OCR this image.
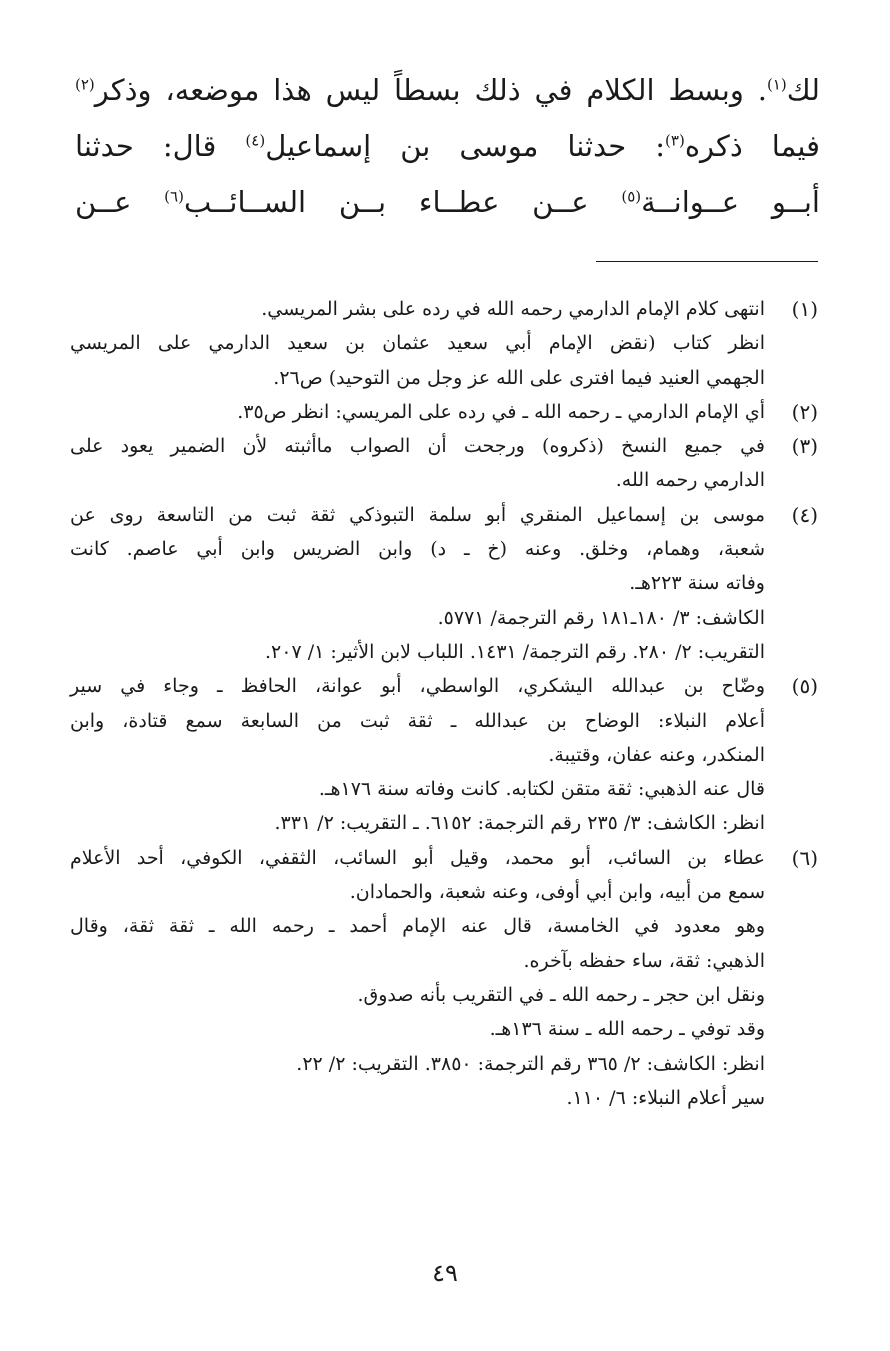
لك$^{(١)}$. وبسط الكلام في ذلك بسطاً ليس هذا موضعه، وذكر$^{(٢)}$
فيما ذكره$^{(٣)}$: حدثنا موسى بن إسماعيل$^{(٤)}$ قال: حدثنا
أبــو عــوانــة$^{(٥)}$ عــن عطــاء بــن الســائــب$^{(٦)}$ عــن
(١)
انتهى كلام الإمام الدارمي رحمه الله في رده على بشر المريسي.
انظر كتاب (نقض الإمام أبي سعيد عثمان بن سعيد الدارمي على المريسي
الجهمي العنيد فيما افترى على الله عز وجل من التوحيد) ص٢٦.
(٢)
أي الإمام الدارمي ـ رحمه الله ـ في رده على المريسي: انظر ص٣٥.
(٣)
في جميع النسخ (ذكروه) ورجحت أن الصواب ماأثبته لأن الضمير يعود على
الدارمي رحمه الله.
(٤)
موسى بن إسماعيل المنقري أبو سلمة التبوذكي ثقة ثبت من التاسعة روى عن
شعبة، وهمام، وخلق. وعنه (خ ـ د) وابن الضريس وابن أبي عاصم. كانت
وفاته سنة ٢٢٣هـ.
الكاشف: ٣/ ١٨٠ـ١٨١ رقم الترجمة/ ٥٧٧١.
التقريب: ٢/ ٢٨٠. رقم الترجمة/ ١٤٣١. اللباب لابن الأثير: ١/ ٢٠٧.
(٥)
وضّاح بن عبدالله اليشكري، الواسطي، أبو عوانة، الحافظ ـ وجاء في سير
أعلام النبلاء: الوضاح بن عبدالله ـ ثقة ثبت من السابعة سمع قتادة، وابن
المنكدر، وعنه عفان، وقتيبة.
قال عنه الذهبي: ثقة متقن لكتابه. كانت وفاته سنة ١٧٦هـ.
انظر: الكاشف: ٣/ ٢٣٥ رقم الترجمة: ٦١٥٢. ـ التقريب: ٢/ ٣٣١.
(٦)
عطاء بن السائب، أبو محمد، وقيل أبو السائب، الثقفي، الكوفي، أحد الأعلام
سمع من أبيه، وابن أبي أوفى، وعنه شعبة، والحمادان.
وهو معدود في الخامسة، قال عنه الإمام أحمد ـ رحمه الله ـ ثقة ثقة، وقال
الذهبي: ثقة، ساء حفظه بآخره.
ونقل ابن حجر ـ رحمه الله ـ في التقريب بأنه صدوق.
وقد توفي ـ رحمه الله ـ سنة ١٣٦هـ.
انظر: الكاشف: ٢/ ٣٦٥ رقم الترجمة: ٣٨٥٠. التقريب: ٢/ ٢٢.
سير أعلام النبلاء: ٦/ ١١٠.
٤٩
